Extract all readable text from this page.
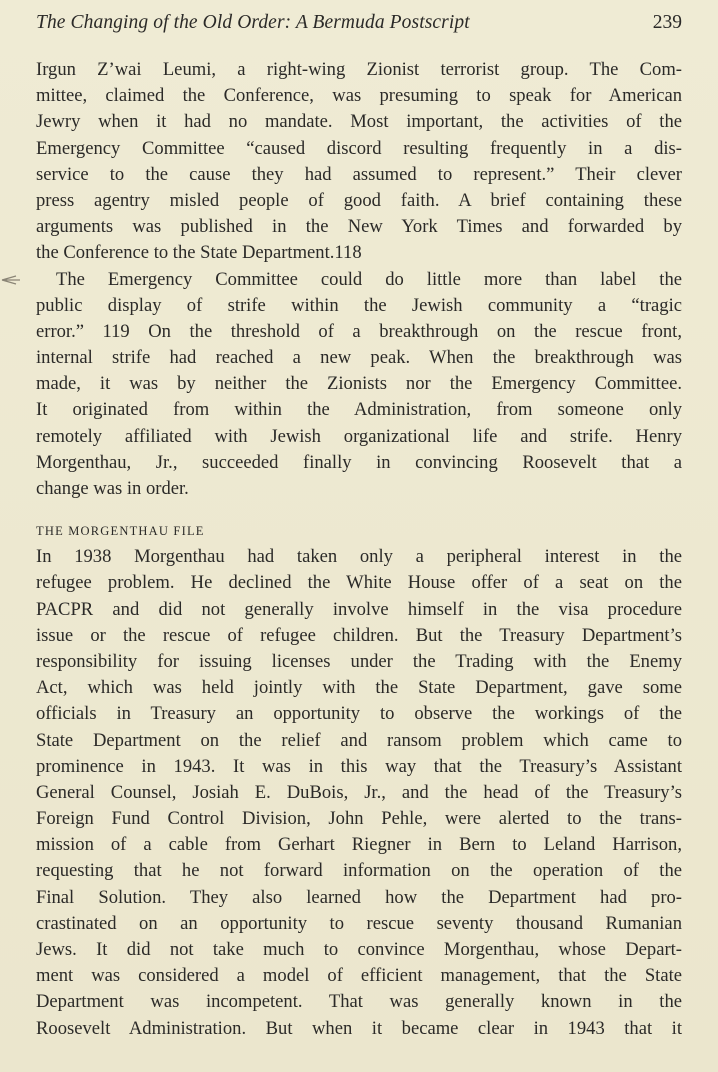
The Changing of the Old Order: A Bermuda Postscript	239
Irgun Z’wai Leumi, a right-wing Zionist terrorist group. The Com-
mittee, claimed the Conference, was presuming to speak for American
Jewry when it had no mandate. Most important, the activities of the
Emergency Committee “caused discord resulting frequently in a dis-
service to the cause they had assumed to represent.” Their clever
press agentry misled people of good faith. A brief containing these
arguments was published in the New York Times and forwarded by
the Conference to the State Department.118
The Emergency Committee could do little more than label the
public display of strife within the Jewish community a “tragic
error.” 119 On the threshold of a breakthrough on the rescue front,
internal strife had reached a new peak. When the breakthrough was
made, it was by neither the Zionists nor the Emergency Committee.
It originated from within the Administration, from someone only
remotely affiliated with Jewish organizational life and strife. Henry
Morgenthau, Jr., succeeded finally in convincing Roosevelt that a
change was in order.
THE MORGENTHAU FILE
In 1938 Morgenthau had taken only a peripheral interest in the
refugee problem. He declined the White House offer of a seat on the
PACPR and did not generally involve himself in the visa procedure
issue or the rescue of refugee children. But the Treasury Department’s
responsibility for issuing licenses under the Trading with the Enemy
Act, which was held jointly with the State Department, gave some
officials in Treasury an opportunity to observe the workings of the
State Department on the relief and ransom problem which came to
prominence in 1943. It was in this way that the Treasury’s Assistant
General Counsel, Josiah E. DuBois, Jr., and the head of the Treasury’s
Foreign Fund Control Division, John Pehle, were alerted to the trans-
mission of a cable from Gerhart Riegner in Bern to Leland Harrison,
requesting that he not forward information on the operation of the
Final Solution. They also learned how the Department had pro-
crastinated on an opportunity to rescue seventy thousand Rumanian
Jews. It did not take much to convince Morgenthau, whose Depart-
ment was considered a model of efficient management, that the State
Department was incompetent. That was generally known in the
Roosevelt Administration. But when it became clear in 1943 that it
